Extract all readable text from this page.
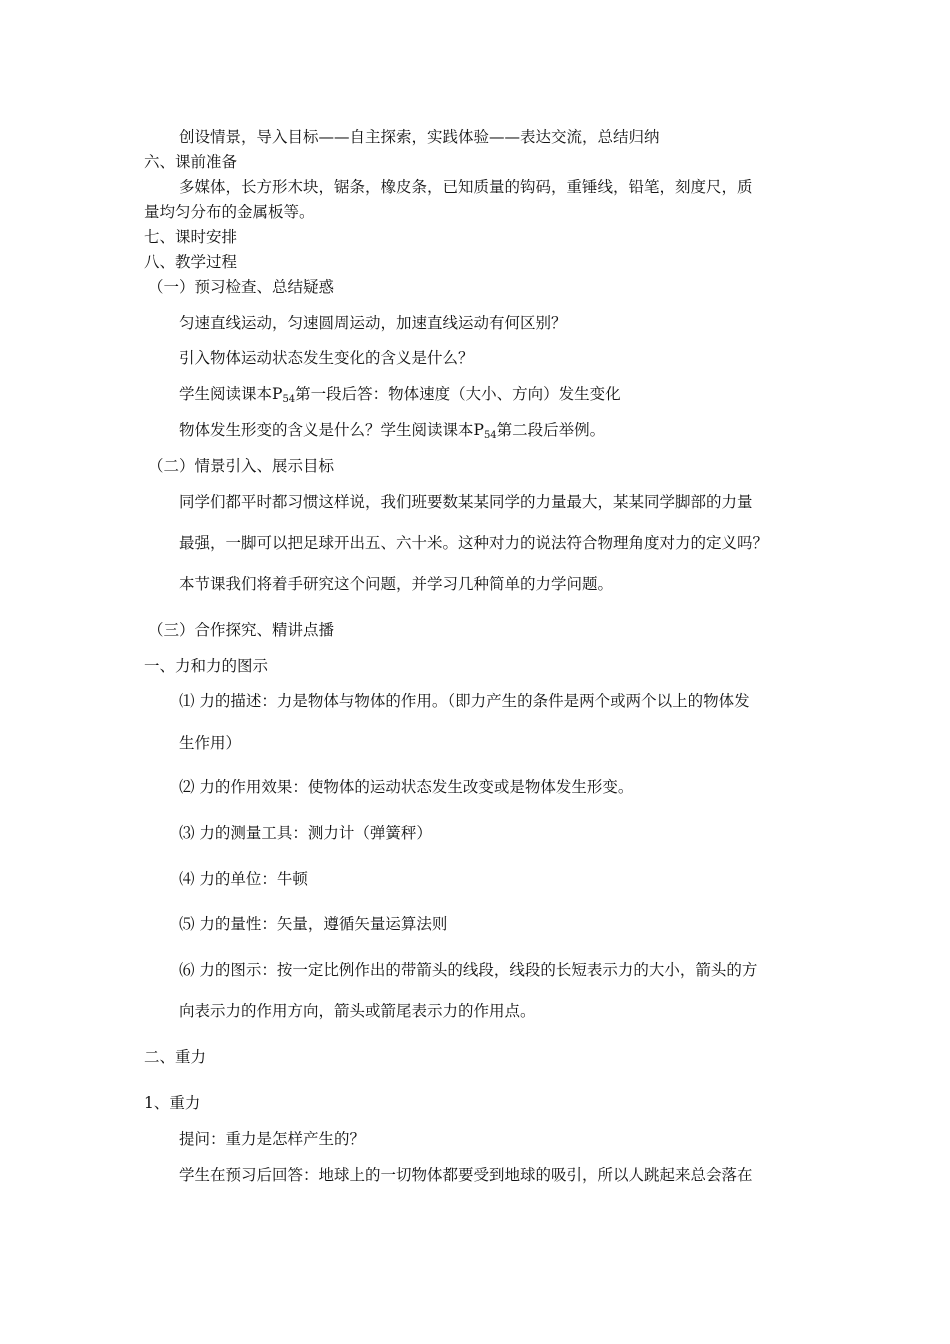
创设情景，导入目标——自主探索，实践体验——表达交流，总结归纳
六、课前准备
多媒体，长方形木块，锯条，橡皮条，已知质量的钩码，重锤线，铅笔，刻度尺，质
量均匀分布的金属板等。
七、课时安排
八、教学过程
（一）预习检查、总结疑惑
匀速直线运动，匀速圆周运动，加速直线运动有何区别？
引入物体运动状态发生变化的含义是什么？
学生阅读课本$P_{54}$第一段后答：物体速度（大小、方向）发生变化
物体发生形变的含义是什么？学生阅读课本$P_{54}$第二段后举例。
（二）情景引入、展示目标
同学们都平时都习惯这样说，我们班要数某某同学的力量最大，某某同学脚部的力量
最强，一脚可以把足球开出五、六十米。这种对力的说法符合物理角度对力的定义吗？
本节课我们将着手研究这个问题，并学习几种简单的力学问题。
（三）合作探究、精讲点播
一、力和力的图示
⑴ 力的描述：力是物体与物体的作用。（即力产生的条件是两个或两个以上的物体发
生作用）
⑵ 力的作用效果：使物体的运动状态发生改变或是物体发生形变。
⑶ 力的测量工具：测力计（弹簧秤）
⑷ 力的单位：牛顿
⑸ 力的量性：矢量，遵循矢量运算法则
⑹ 力的图示：按一定比例作出的带箭头的线段，线段的长短表示力的大小，箭头的方
向表示力的作用方向，箭头或箭尾表示力的作用点。
二、重力
1、重力
提问：重力是怎样产生的？
学生在预习后回答：地球上的一切物体都要受到地球的吸引，所以人跳起来总会落在
